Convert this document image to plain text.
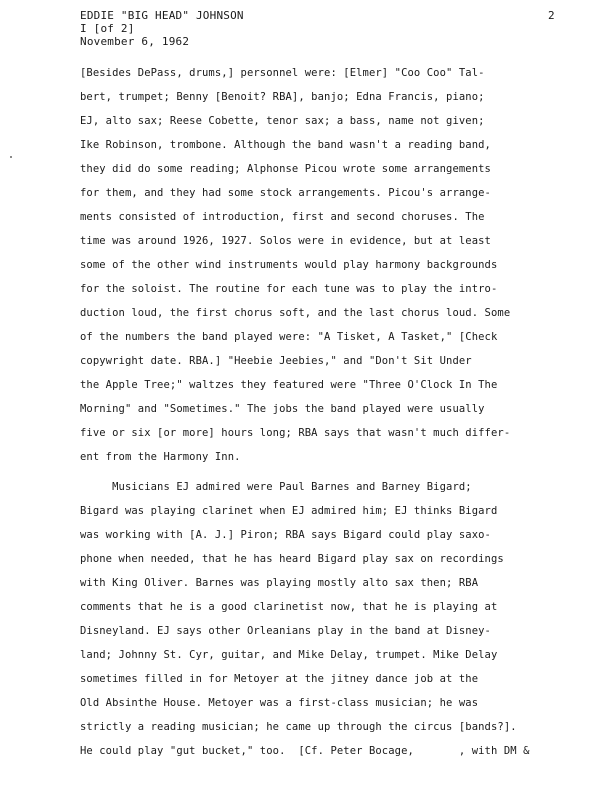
EDDIE "BIG HEAD" JOHNSON
I [of 2]
November 6, 1962
2
[Besides DePass, drums,] personnel were: [Elmer] "Coo Coo" Tal-
bert, trumpet; Benny [Benoit? RBA], banjo; Edna Francis, piano;
EJ, alto sax; Reese Cobette, tenor sax; a bass, name not given;
Ike Robinson, trombone. Although the band wasn't a reading band,
they did do some reading; Alphonse Picou wrote some arrangements
for them, and they had some stock arrangements. Picou's arrange-
ments consisted of introduction, first and second choruses. The
time was around 1926, 1927. Solos were in evidence, but at least
some of the other wind instruments would play harmony backgrounds
for the soloist. The routine for each tune was to play the intro-
duction loud, the first chorus soft, and the last chorus loud. Some
of the numbers the band played were: "A Tisket, A Tasket," [Check
copywright date. RBA.] "Heebie Jeebies," and "Don't Sit Under
the Apple Tree;" waltzes they featured were "Three O'Clock In The
Morning" and "Sometimes." The jobs the band played were usually
five or six [or more] hours long; RBA says that wasn't much differ-
ent from the Harmony Inn.
Musicians EJ admired were Paul Barnes and Barney Bigard;
Bigard was playing clarinet when EJ admired him; EJ thinks Bigard
was working with [A. J.] Piron; RBA says Bigard could play saxo-
phone when needed, that he has heard Bigard play sax on recordings
with King Oliver. Barnes was playing mostly alto sax then; RBA
comments that he is a good clarinetist now, that he is playing at
Disneyland. EJ says other Orleanians play in the band at Disney-
land; Johnny St. Cyr, guitar, and Mike Delay, trumpet. Mike Delay
sometimes filled in for Metoyer at the jitney dance job at the
Old Absinthe House. Metoyer was a first-class musician; he was
strictly a reading musician; he came up through the circus [bands?].
He could play "gut bucket," too.  [Cf. Peter Bocage,       , with DM &
